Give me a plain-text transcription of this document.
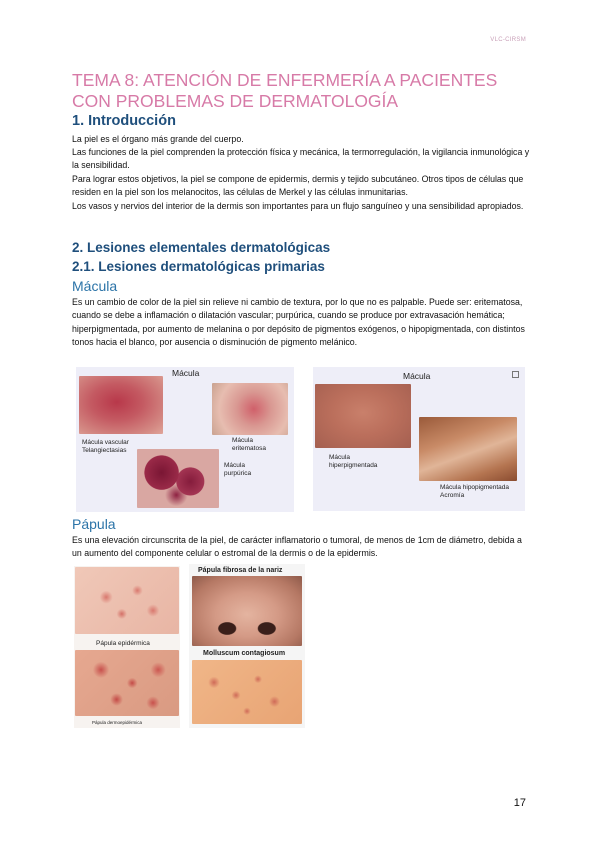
VLC-CIRSM
TEMA 8: ATENCIÓN DE ENFERMERÍA A PACIENTES CON PROBLEMAS DE DERMATOLOGÍA
1. Introducción

La piel es el órgano más grande del cuerpo.

Las funciones de la piel comprenden la protección física y mecánica, la termorregulación, la vigilancia inmunológica y la sensibilidad.

Para lograr estos objetivos, la piel se compone de epidermis, dermis y tejido subcutáneo. Otros tipos de células que residen en la piel son los melanocitos, las células de Merkel y las células inmunitarias.

Los vasos y nervios del interior de la dermis son importantes para un flujo sanguíneo y una sensibilidad apropiados.

2. Lesiones elementales dermatológicas
2.1. Lesiones dermatológicas primarias
Mácula

Es un cambio de color de la piel sin relieve ni cambio de textura, por lo que no es palpable. Puede ser: eritematosa, cuando se debe a inflamación o dilatación vascular; purpúrica, cuando se produce por extravasación hemática; hiperpigmentada, por aumento de melanina o por depósito de pigmentos exógenos, o hipopigmentada, con distintos tonos hacia el blanco, por ausencia o disminución de pigmento melánico.

Mácula
Mácula vascular
Telangiectasias
Mácula
eritematosa
Mácula
purpúrica
Mácula
Mácula
hiperpigmentada
Mácula hipopigmentada
Acromía
Pápula

Es una elevación circunscrita de la piel, de carácter inflamatorio o tumoral, de menos de 1cm de diámetro, debida a un aumento del componente celular o estromal de la dermis o de la epidermis.

Pápula epidérmica
Pápula dermoepidérmica
Pápula fibrosa de la nariz
Molluscum contagiosum
17
